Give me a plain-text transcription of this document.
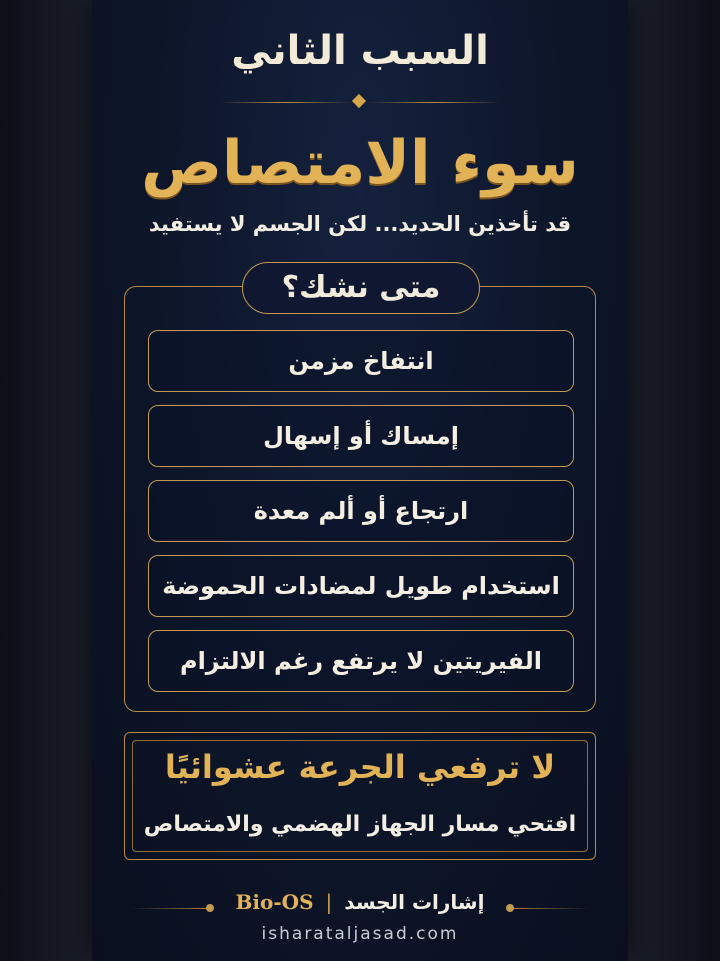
السبب الثاني
سوء الامتصاص
قد تأخذين الحديد... لكن الجسم لا يستفيد
متى نشك؟
انتفاخ مزمن
إمساك أو إسهال
ارتجاع أو ألم معدة
استخدام طويل لمضادات الحموضة
الفيريتين لا يرتفع رغم الالتزام
لا ترفعي الجرعة عشوائيًا
افتحي مسار الجهاز الهضمي والامتصاص
Bio-OS | إشارات الجسد
isharataljasad.com
